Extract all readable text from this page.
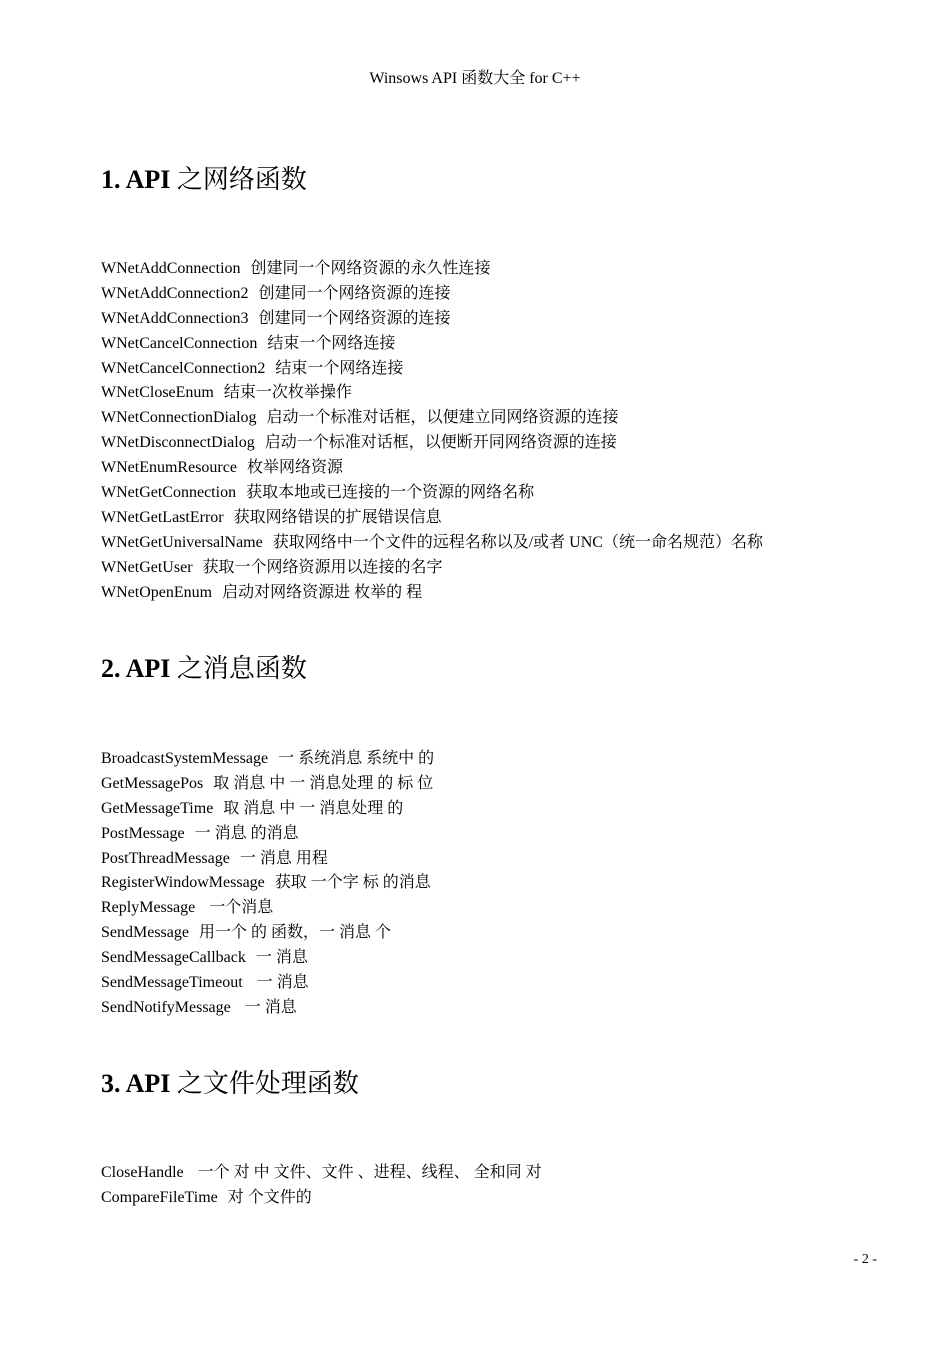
Winsows API 函数大全 for C++
1. API 之网络函数
WNetAddConnection 创建同一个网络资源的永久性连接
WNetAddConnection2 创建同一个网络资源的连接
WNetAddConnection3 创建同一个网络资源的连接
WNetCancelConnection 结束一个网络连接
WNetCancelConnection2 结束一个网络连接
WNetCloseEnum 结束一次枚举操作
WNetConnectionDialog 启动一个标准对话框，以便建立同网络资源的连接
WNetDisconnectDialog 启动一个标准对话框，以便断开同网络资源的连接
WNetEnumResource 枚举网络资源
WNetGetConnection 获取本地或已连接的一个资源的网络名称
WNetGetLastError 获取网络错误的扩展错误信息
WNetGetUniversalName 获取网络中一个文件的远程名称以及/或者 UNC（统一命名规范）名称
WNetGetUser 获取一个网络资源用以连接的名字
WNetOpenEnum 启动对网络资源进 枚举的 程
2. API 之消息函数
BroadcastSystemMessage 一 系统消息 系统中 的
GetMessagePos 取 消息 中 一 消息处理 的 标 位
GetMessageTime 取 消息 中 一 消息处理 的
PostMessage 一 消息 的消息
PostThreadMessage 一 消息 用程
RegisterWindowMessage 获取 一个字 标 的消息
ReplyMessage 一个消息
SendMessage 用一个 的 函数，一 消息 个
SendMessageCallback 一 消息
SendMessageTimeout 一 消息
SendNotifyMessage 一 消息
3. API 之文件处理函数
CloseHandle 一个 对 中 文件、文件 、进程、线程、 全和同 对
CompareFileTime 对 个文件的
- 2 -
